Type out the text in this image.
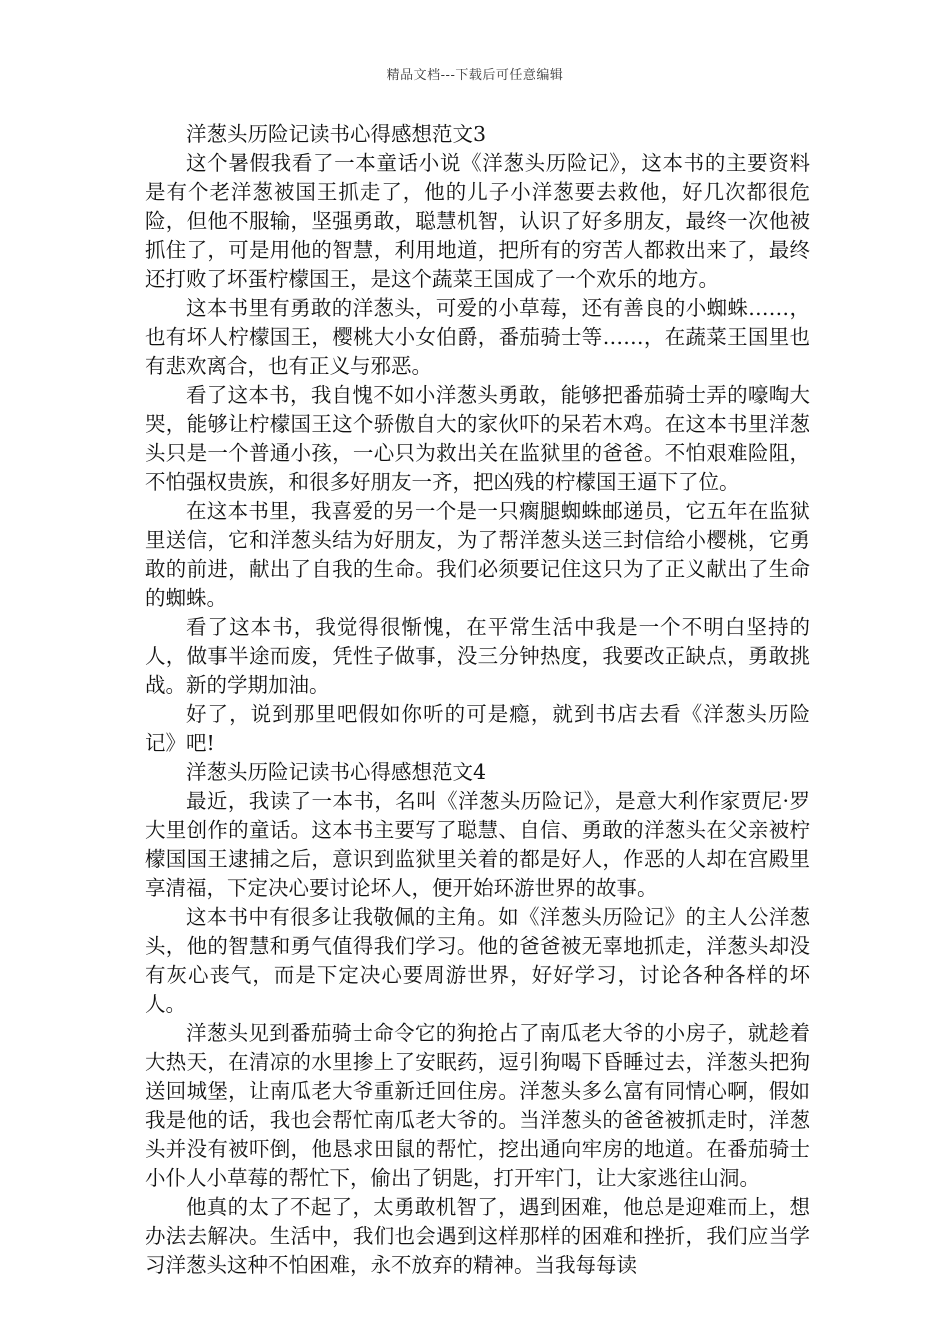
精品文档---下载后可任意编辑

洋葱头历险记读书心得感想范文3

这个暑假我看了一本童话小说《洋葱头历险记》，这本书的主要资料是有个老洋葱被国王抓走了，他的儿子小洋葱要去救他，好几次都很危险，但他不服输，坚强勇敢，聪慧机智，认识了好多朋友，最终一次他被抓住了，可是用他的智慧，利用地道，把所有的穷苦人都救出来了，最终还打败了坏蛋柠檬国王，是这个蔬菜王国成了一个欢乐的地方。

这本书里有勇敢的洋葱头，可爱的小草莓，还有善良的小蜘蛛……，也有坏人柠檬国王，樱桃大小女伯爵，番茄骑士等……，在蔬菜王国里也有悲欢离合，也有正义与邪恶。

看了这本书，我自愧不如小洋葱头勇敢，能够把番茄骑士弄的嚎啕大哭，能够让柠檬国王这个骄傲自大的家伙吓的呆若木鸡。在这本书里洋葱头只是一个普通小孩，一心只为救出关在监狱里的爸爸。不怕艰难险阻，不怕强权贵族，和很多好朋友一齐，把凶残的柠檬国王逼下了位。

在这本书里，我喜爱的另一个是一只瘸腿蜘蛛邮递员，它五年在监狱里送信，它和洋葱头结为好朋友，为了帮洋葱头送三封信给小樱桃，它勇敢的前进，献出了自我的生命。我们必须要记住这只为了正义献出了生命的蜘蛛。

看了这本书，我觉得很惭愧，在平常生活中我是一个不明白坚持的人，做事半途而废，凭性子做事，没三分钟热度，我要改正缺点，勇敢挑战。新的学期加油。

好了，说到那里吧假如你听的可是瘾，就到书店去看《洋葱头历险记》吧!

洋葱头历险记读书心得感想范文4

最近，我读了一本书，名叫《洋葱头历险记》，是意大利作家贾尼·罗大里创作的童话。这本书主要写了聪慧、自信、勇敢的洋葱头在父亲被柠檬国国王逮捕之后，意识到监狱里关着的都是好人，作恶的人却在宫殿里享清福，下定决心要讨论坏人，便开始环游世界的故事。

这本书中有很多让我敬佩的主角。如《洋葱头历险记》的主人公洋葱头，他的智慧和勇气值得我们学习。他的爸爸被无辜地抓走，洋葱头却没有灰心丧气，而是下定决心要周游世界，好好学习，讨论各种各样的坏人。

洋葱头见到番茄骑士命令它的狗抢占了南瓜老大爷的小房子，就趁着大热天，在清凉的水里掺上了安眠药，逗引狗喝下昏睡过去，洋葱头把狗送回城堡，让南瓜老大爷重新迁回住房。洋葱头多么富有同情心啊，假如我是他的话，我也会帮忙南瓜老大爷的。当洋葱头的爸爸被抓走时，洋葱头并没有被吓倒，他恳求田鼠的帮忙，挖出通向牢房的地道。在番茄骑士小仆人小草莓的帮忙下，偷出了钥匙，打开牢门，让大家逃往山洞。

他真的太了不起了，太勇敢机智了，遇到困难，他总是迎难而上，想办法去解决。生活中，我们也会遇到这样那样的困难和挫折，我们应当学习洋葱头这种不怕困难，永不放弃的精神。当我每每读
